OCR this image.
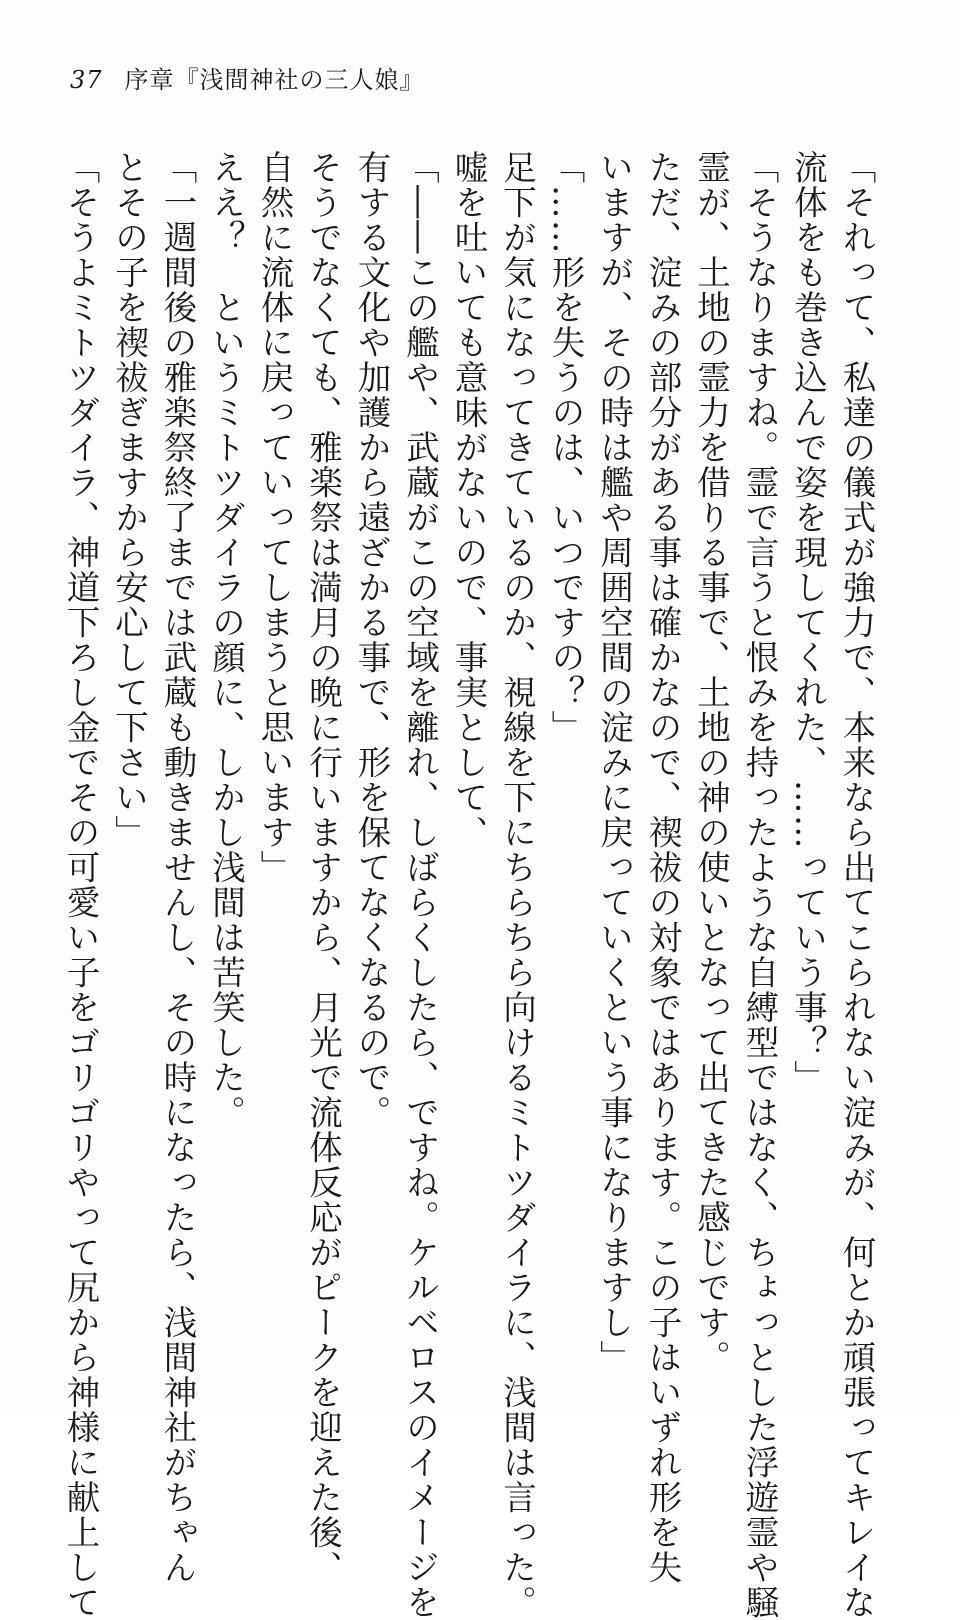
37 序章『浅間神社の三人娘』
「それって、私達の儀式が強力で、本来なら出てこられない淀みが、何とか頑張ってキレイな
流体をも巻き込んで姿を現してくれた、……っていう事？」
「そうなりますね。霊で言うと恨みを持ったような自縛型ではなく、ちょっとした浮遊霊や騒
霊が、土地の霊力を借りる事で、土地の神の使いとなって出てきた感じです。
ただ、淀みの部分がある事は確かなので、禊祓の対象ではあります。この子はいずれ形を失
いますが、その時は艦や周囲空間の淀みに戻っていくという事になりますし」
「……形を失うのは、いつですの？」
足下が気になってきているのか、視線を下にちらちら向けるミトツダイラに、浅間は言った。
嘘を吐いても意味がないので、事実として、
「――この艦や、武蔵がこの空域を離れ、しばらくしたら、ですね。ケルベロスのイメージを
有する文化や加護から遠ざかる事で、形を保てなくなるので。
そうでなくても、雅楽祭は満月の晩に行いますから、月光で流体反応がピークを迎えた後、
自然に流体に戻っていってしまうと思います」
ええ？　というミトツダイラの顔に、しかし浅間は苦笑した。
「一週間後の雅楽祭終了までは武蔵も動きませんし、その時になったら、浅間神社がちゃん
とその子を禊祓ぎますから安心して下さい」
「そうよミトツダイラ、神道下ろし金でその可愛い子をゴリゴリやって尻から神様に献上して
